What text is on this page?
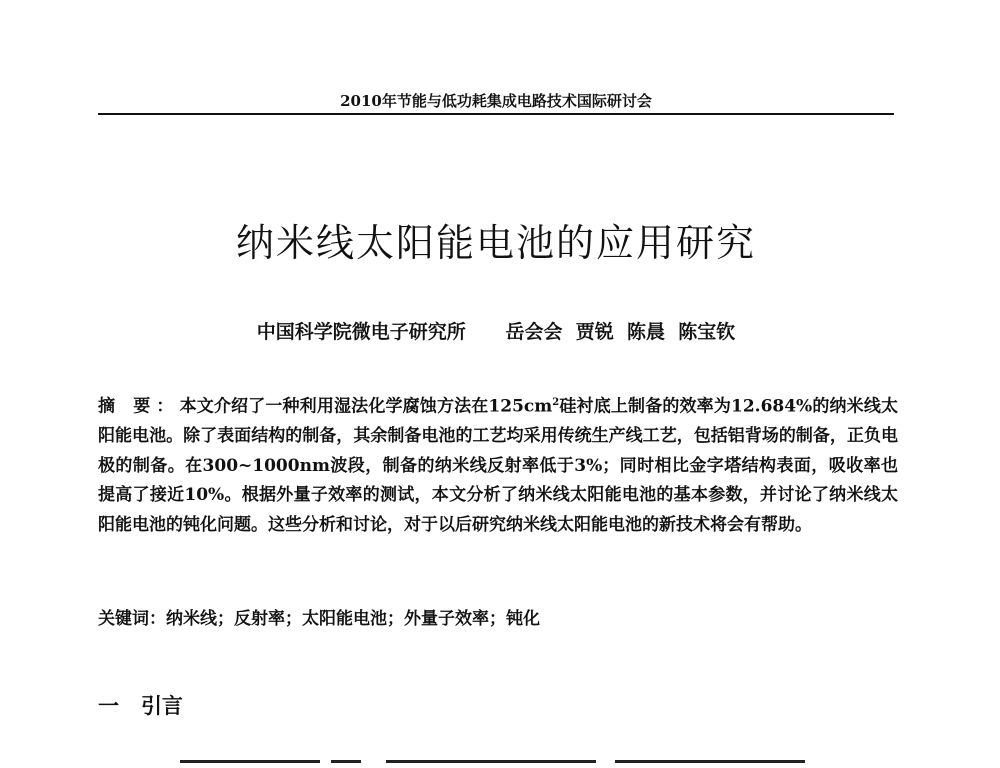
2010年节能与低功耗集成电路技术国际研讨会
纳米线太阳能电池的应用研究
中国科学院微电子研究所 岳会会  贾锐  陈晨  陈宝钦
摘 要：本文介绍了一种利用湿法化学腐蚀方法在$125cm^2$硅衬底上制备的效率为12.684%的纳米线太阳能电池。除了表面结构的制备，其余制备电池的工艺均采用传统生产线工艺，包括铝背场的制备，正负电极的制备。在300~1000nm波段，制备的纳米线反射率低于3%；同时相比金字塔结构表面，吸收率也提高了接近10%。根据外量子效率的测试，本文分析了纳米线太阳能电池的基本参数，并讨论了纳米线太阳能电池的钝化问题。这些分析和讨论，对于以后研究纳米线太阳能电池的新技术将会有帮助。
关键词：纳米线；反射率；太阳能电池；外量子效率；钝化
一 引言
